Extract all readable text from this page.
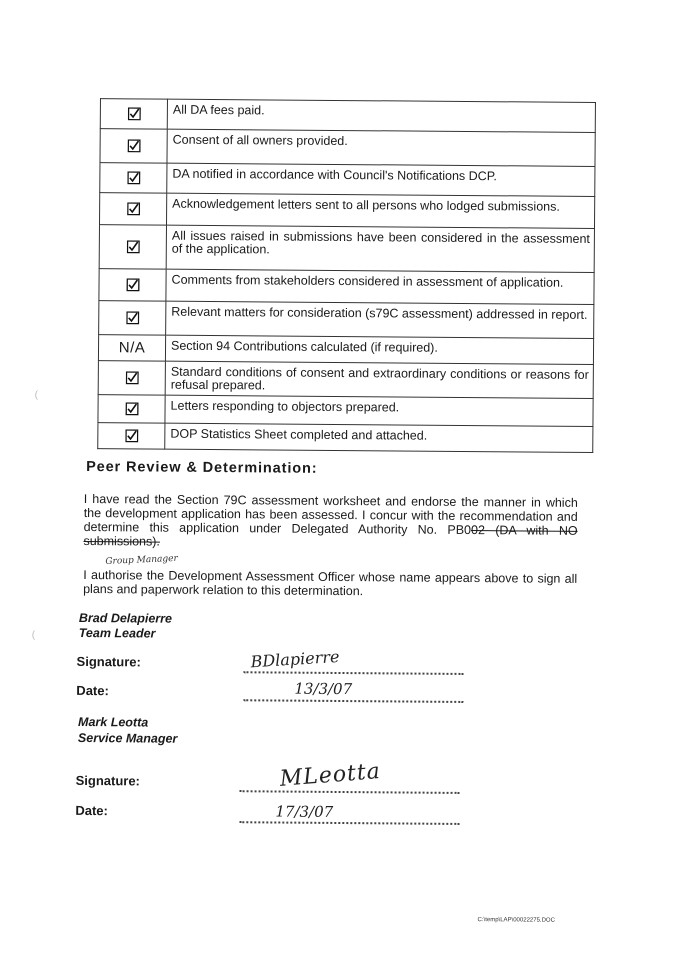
	All DA fees paid.
	Consent of all owners provided.
	DA notified in accordance with Council's Notifications DCP.
	Acknowledgement letters sent to all persons who lodged submissions.
	All issues raised in submissions have been considered in the assessment of the application.
	Comments from stakeholders considered in assessment of application.
	Relevant matters for consideration (s79C assessment) addressed in report.
N/A	Section 94 Contributions calculated (if required).
	Standard conditions of consent and extraordinary conditions or reasons for refusal prepared.
	Letters responding to objectors prepared.
	DOP Statistics Sheet completed and attached.
Peer Review & Determination:

I have read the Section 79C assessment worksheet and endorse the manner in which the development application has been assessed. I concur with the recommendation and determine this application under Delegated Authority No. PB002 (DA with NO submissions).

Group Manager

I authorise the Development Assessment Officer whose name appears above to sign all plans and paperwork relation to this determination.

Brad Delapierre
Team Leader
Signature:	BDlapierre
Date:	13/3/07
Mark Leotta
Service Manager
Signature:	MLeotta
Date:	17/3/07
C:\temp\LAP\00022275.DOC
(
(
